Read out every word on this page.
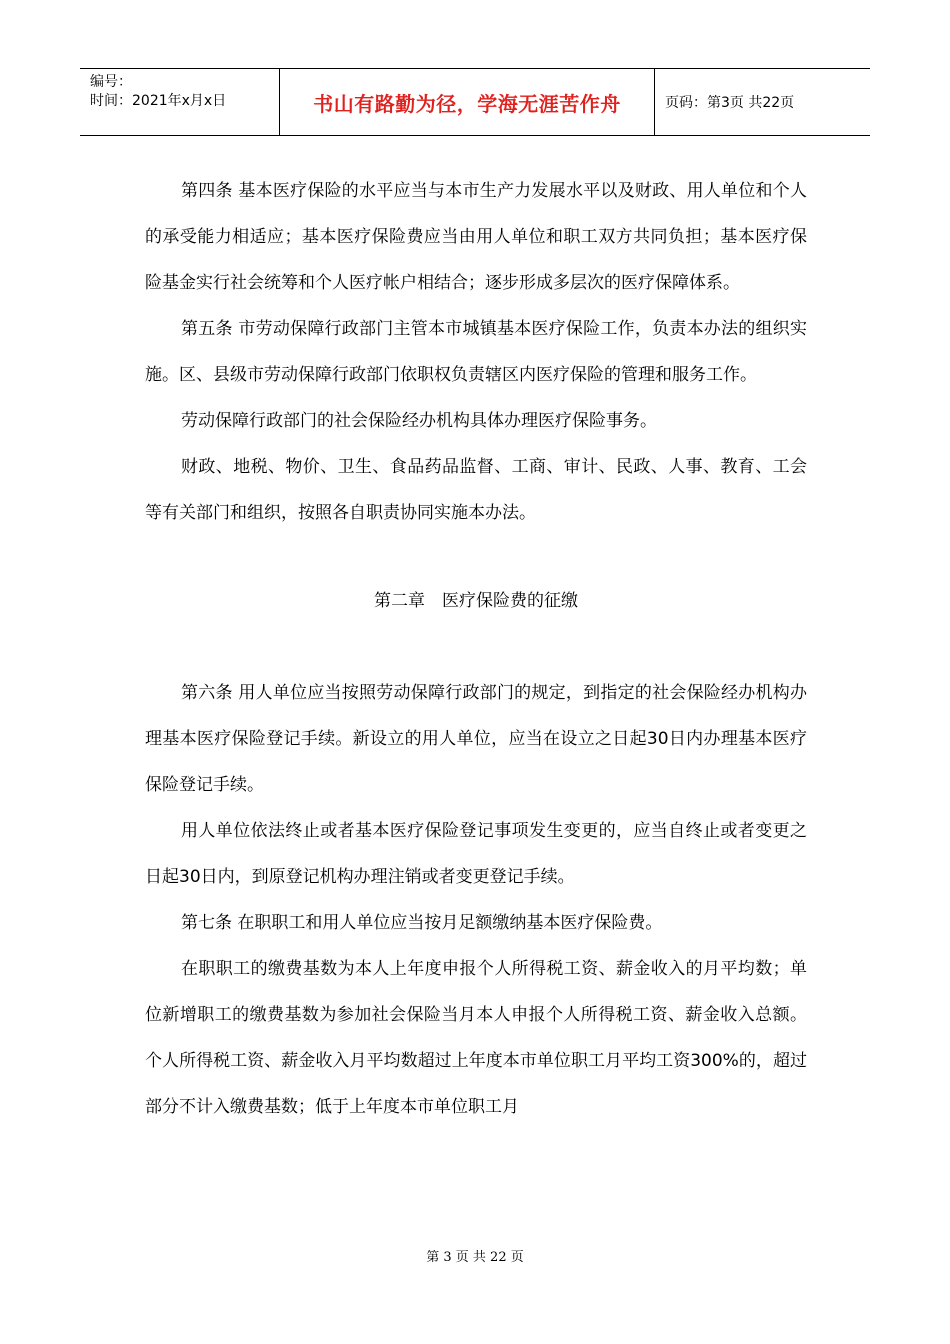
编号：
时间：2021年x月x日	书山有路勤为径，学海无涯苦作舟	页码：第3页 共22页

第四条 基本医疗保险的水平应当与本市生产力发展水平以及财政、用人单位和个人的承受能力相适应；基本医疗保险费应当由用人单位和职工双方共同负担；基本医疗保险基金实行社会统筹和个人医疗帐户相结合；逐步形成多层次的医疗保障体系。

第五条 市劳动保障行政部门主管本市城镇基本医疗保险工作，负责本办法的组织实施。区、县级市劳动保障行政部门依职权负责辖区内医疗保险的管理和服务工作。

劳动保障行政部门的社会保险经办机构具体办理医疗保险事务。

财政、地税、物价、卫生、食品药品监督、工商、审计、民政、人事、教育、工会等有关部门和组织，按照各自职责协同实施本办法。

第二章　医疗保险费的征缴

第六条 用人单位应当按照劳动保障行政部门的规定，到指定的社会保险经办机构办理基本医疗保险登记手续。新设立的用人单位，应当在设立之日起30日内办理基本医疗保险登记手续。

用人单位依法终止或者基本医疗保险登记事项发生变更的，应当自终止或者变更之日起30日内，到原登记机构办理注销或者变更登记手续。

第七条 在职职工和用人单位应当按月足额缴纳基本医疗保险费。

在职职工的缴费基数为本人上年度申报个人所得税工资、薪金收入的月平均数；单位新增职工的缴费基数为参加社会保险当月本人申报个人所得税工资、薪金收入总额。个人所得税工资、薪金收入月平均数超过上年度本市单位职工月平均工资300%的，超过部分不计入缴费基数；低于上年度本市单位职工月

第 3 页 共 22 页
